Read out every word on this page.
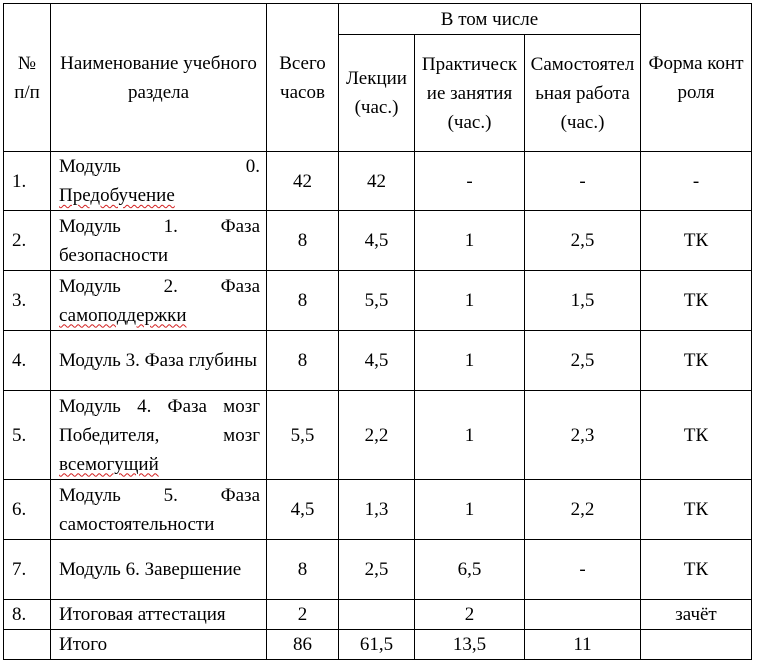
№ п/п	Наименование учебного раздела	Всего часов	В том числе			Форма контроля
			Лекции (час.)	Практические занятия (час.)	Самостоятельная работа (час.)	
1.	Модуль 0. Предобучение	42	42	-	-	-
2.	Модуль 1. Фаза безопасности	8	4,5	1	2,5	ТК
3.	Модуль 2. Фаза самоподдержки	8	5,5	1	1,5	ТК
4.	Модуль 3. Фаза глубины	8	4,5	1	2,5	ТК
5.	Модуль 4. Фаза мозг Победителя, мозг всемогущий	5,5	2,2	1	2,3	ТК
6.	Модуль 5. Фаза самостоятельности	4,5	1,3	1	2,2	ТК
7.	Модуль 6. Завершение	8	2,5	6,5	-	ТК
8.	Итоговая аттестация	2		2		зачёт
	Итого	86	61,5	13,5	11	
